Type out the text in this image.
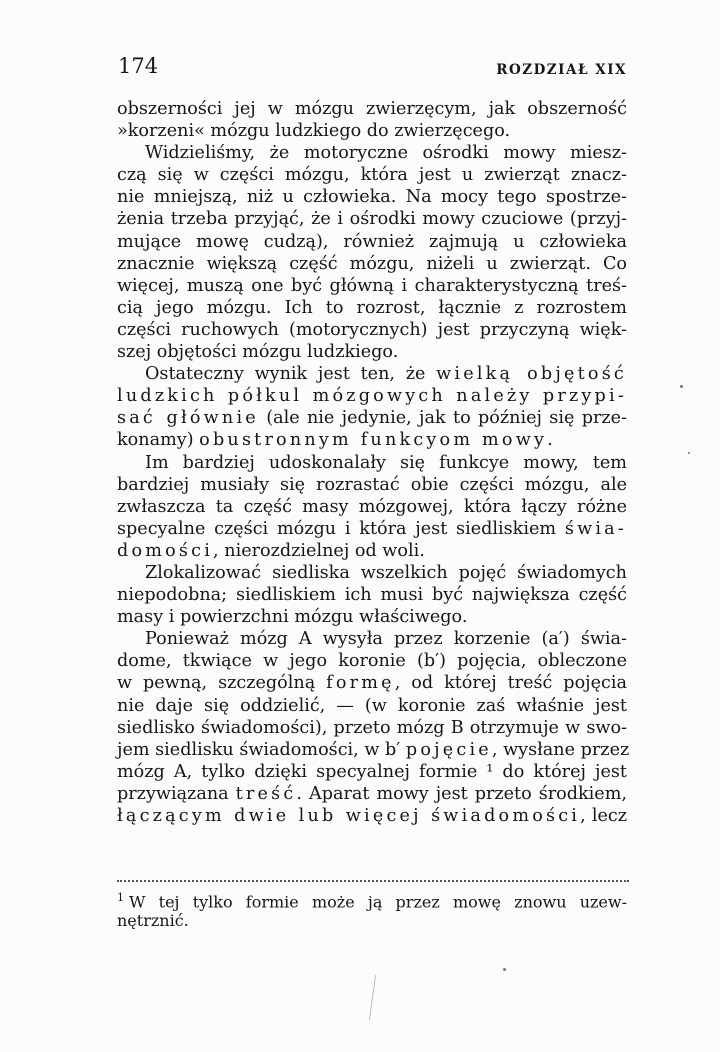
174	ROZDZIAŁ XIX
obszerności jej w mózgu zwierzęcym, jak obszerność
»korzeni« mózgu ludzkiego do zwierzęcego.
Widzieliśmy, że motoryczne ośrodki mowy miesz-
czą się w części mózgu, która jest u zwierząt znacz-
nie mniejszą, niż u człowieka. Na mocy tego spostrze-
żenia trzeba przyjąć, że i ośrodki mowy czuciowe (przyj-
mujące mowę cudzą), również zajmują u człowieka
znacznie większą część mózgu, niżeli u zwierząt. Co
więcej, muszą one być główną i charakterystyczną treś-
cią jego mózgu. Ich to rozrost, łącznie z rozrostem
części ruchowych (motorycznych) jest przyczyną więk-
szej objętości mózgu ludzkiego.
Ostateczny wynik jest ten, że wielką objętość
ludzkich półkul mózgowych należy przypi-
sać głównie (ale nie jedynie, jak to później się prze-
konamy) obustronnym funkcyom mowy.
Im bardziej udoskonalały się funkcye mowy, tem
bardziej musiały się rozrastać obie części mózgu, ale
zwłaszcza ta część masy mózgowej, która łączy różne
specyalne części mózgu i która jest siedliskiem świa-
domości, nierozdzielnej od woli.
Zlokalizować siedliska wszelkich pojęć świadomych
niepodobna; siedliskiem ich musi być największa część
masy i powierzchni mózgu właściwego.
Ponieważ mózg A wysyła przez korzenie (a′) świa-
dome, tkwiące w jego koronie (b′) pojęcia, obleczone
w pewną, szczególną formę, od której treść pojęcia
nie daje się oddzielić, — (w koronie zaś właśnie jest
siedlisko świadomości), przeto mózg B otrzymuje w swo-
jem siedlisku świadomości, w b′ pojęcie, wysłane przez
mózg A, tylko dzięki specyalnej formie ¹ do której jest
przywiązana treść. Aparat mowy jest przeto środkiem,
łączącym dwie lub więcej świadomości, lecz
$^1$ W tej tylko formie może ją przez mowę znowu uzew-
nętrznić.
